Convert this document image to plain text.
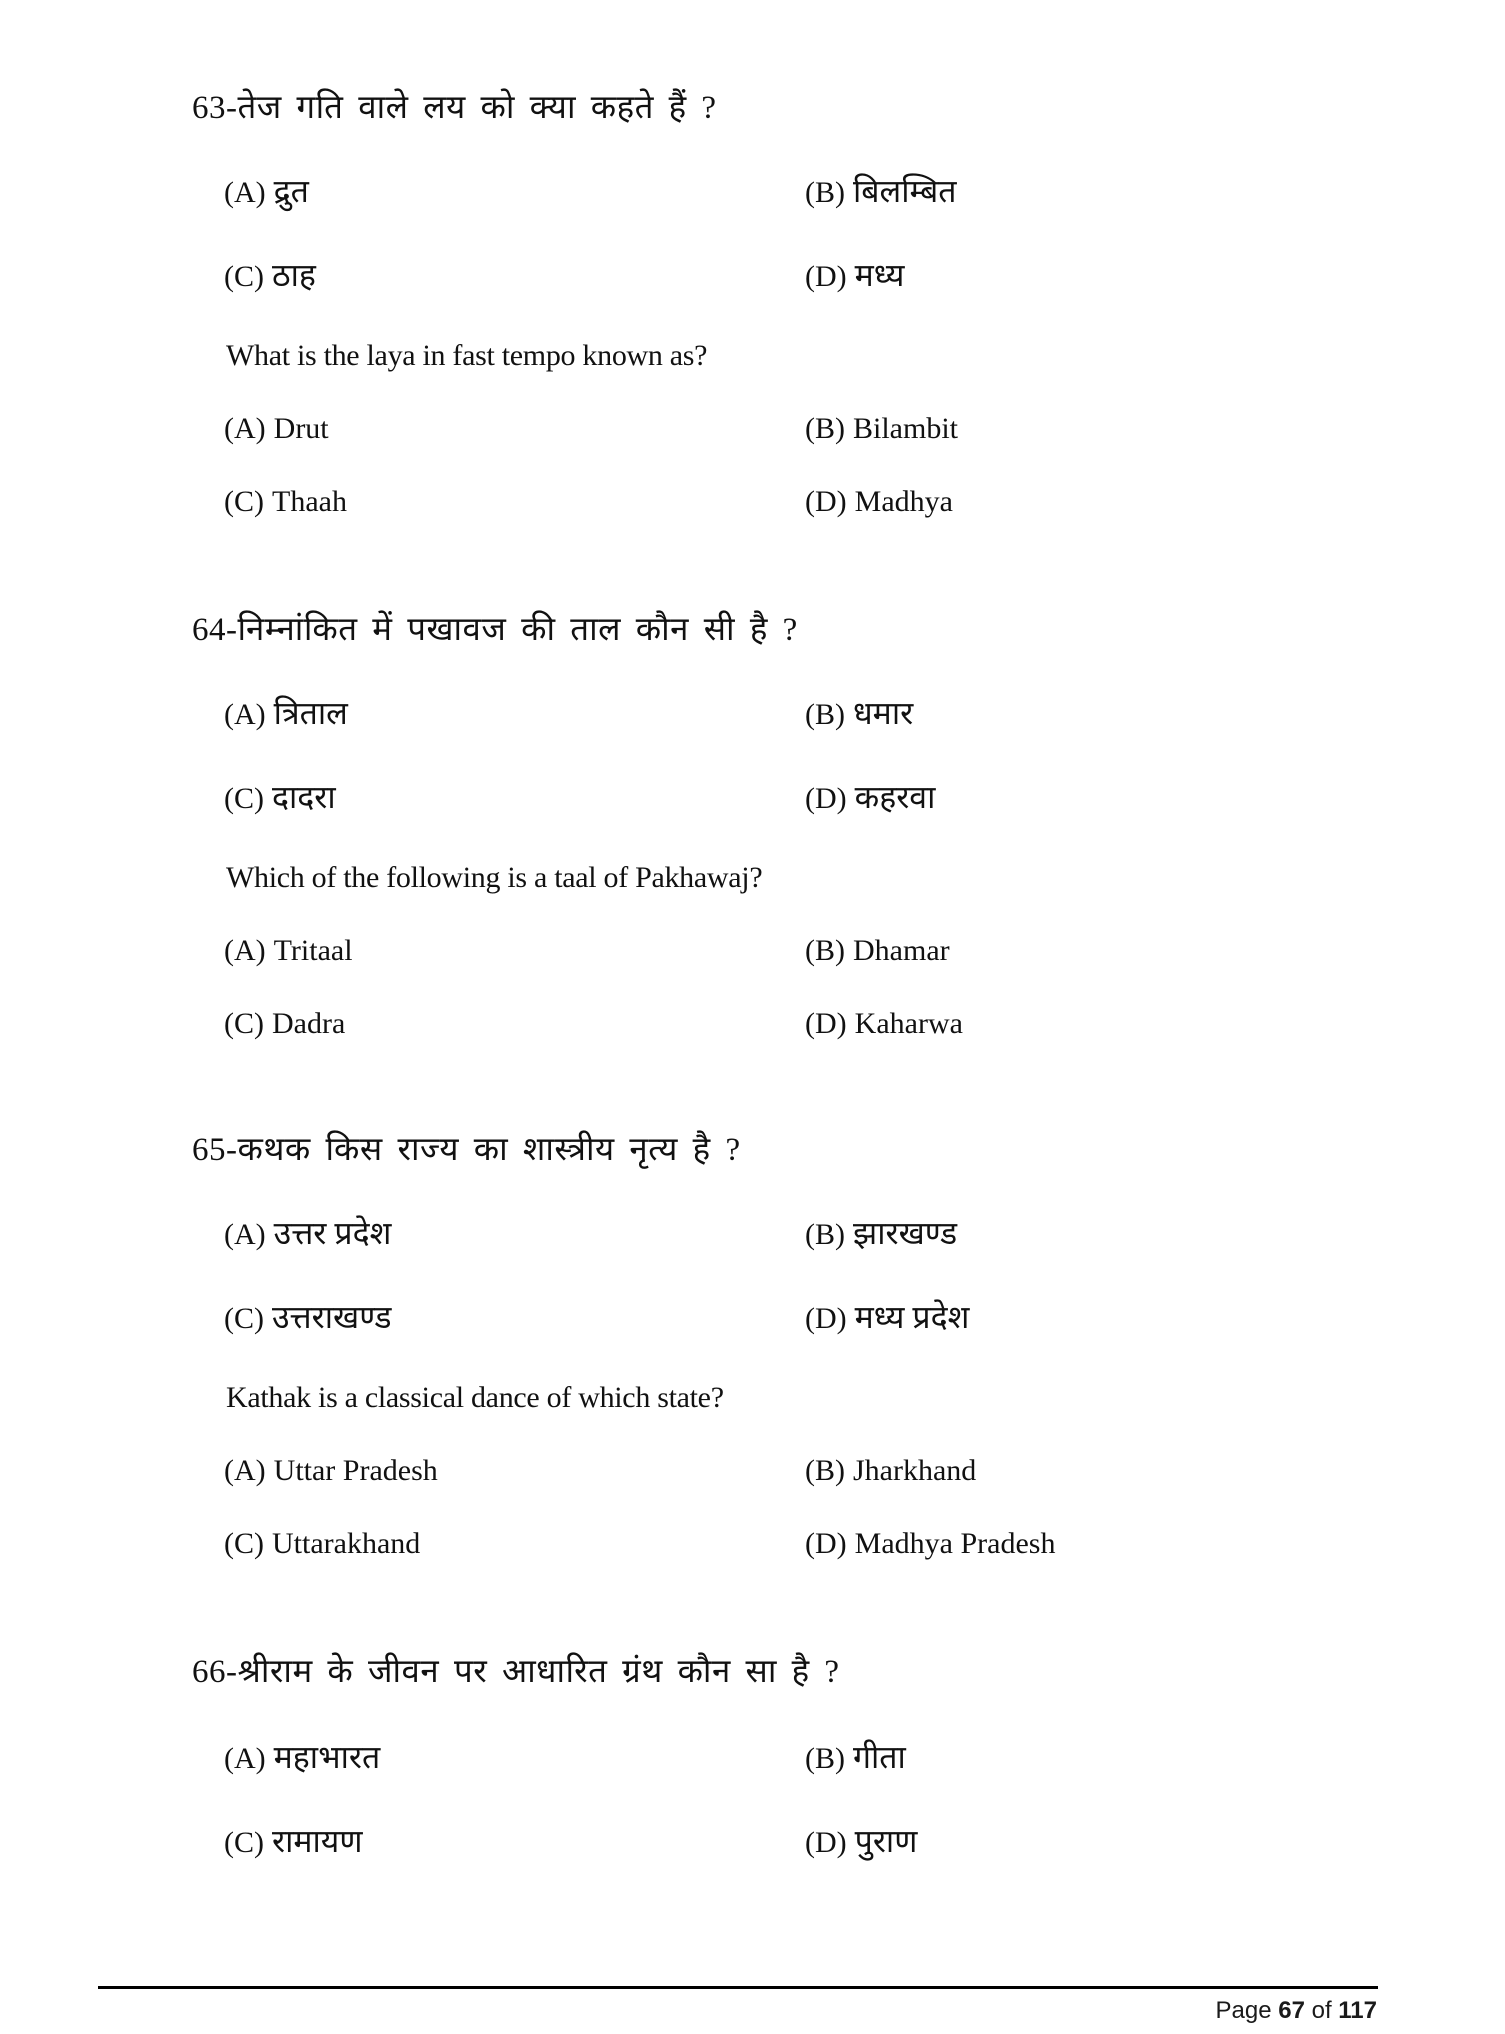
63-तेज गति वाले लय को क्या कहते हैं ?
(A) द्रुत	(B) बिलम्बित
(C) ठाह	(D) मध्य
What is the laya in fast tempo known as?
(A) Drut	(B) Bilambit
(C) Thaah	(D) Madhya
64-निम्नांकित में पखावज की ताल कौन सी है ?
(A) त्रिताल	(B) धमार
(C) दादरा	(D) कहरवा
Which of the following is a taal of Pakhawaj?
(A) Tritaal	(B) Dhamar
(C) Dadra	(D) Kaharwa
65-कथक किस राज्य का शास्त्रीय नृत्य है ?
(A) उत्तर प्रदेश	(B) झारखण्ड
(C) उत्तराखण्ड	(D) मध्य प्रदेश
Kathak is a classical dance of which state?
(A) Uttar Pradesh	(B) Jharkhand
(C) Uttarakhand	(D) Madhya Pradesh
66-श्रीराम के जीवन पर आधारित ग्रंथ कौन सा है ?
(A) महाभारत	(B) गीता
(C) रामायण	(D) पुराण
Page 67 of 117
